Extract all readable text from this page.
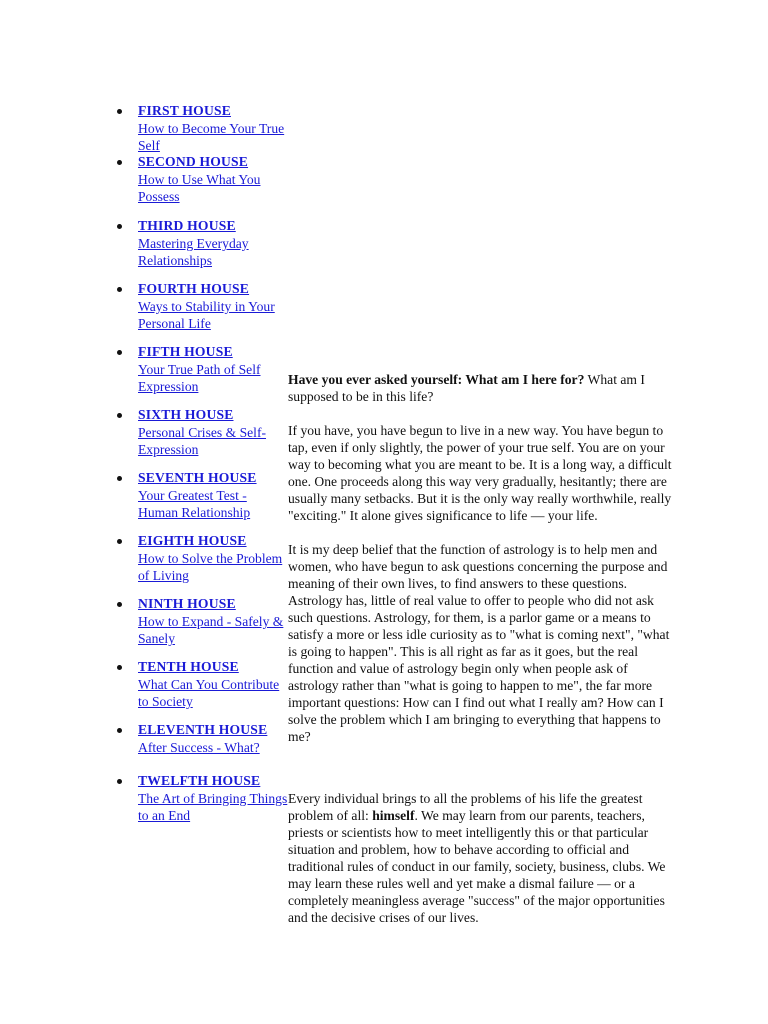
FIRST HOUSE
How to Become Your True Self
SECOND HOUSE
How to Use What You Possess
THIRD HOUSE
Mastering Everyday Relationships
FOURTH HOUSE
Ways to Stability in Your Personal Life
FIFTH HOUSE
Your True Path of Self Expression
SIXTH HOUSE
Personal Crises & Self-Expression
SEVENTH HOUSE
Your Greatest Test - Human Relationship
EIGHTH HOUSE
How to Solve the Problem of Living
NINTH HOUSE
How to Expand - Safely & Sanely
TENTH HOUSE
What Can You Contribute to Society
ELEVENTH HOUSE
After Success - What?
TWELFTH HOUSE
The Art of Bringing Things to an End

Have you ever asked yourself: What am I here for? What am I supposed to be in this life?

If you have, you have begun to live in a new way. You have begun to tap, even if only slightly, the power of your true self. You are on your way to becoming what you are meant to be. It is a long way, a difficult one. One proceeds along this way very gradually, hesitantly; there are usually many setbacks. But it is the only way really worthwhile, really "exciting." It alone gives significance to life — your life.

It is my deep belief that the function of astrology is to help men and women, who have begun to ask questions concerning the purpose and meaning of their own lives, to find answers to these questions. Astrology has, little of real value to offer to people who did not ask such questions. Astrology, for them, is a parlor game or a means to satisfy a more or less idle curiosity as to "what is coming next", "what is going to happen". This is all right as far as it goes, but the real function and value of astrology begin only when people ask of astrology rather than "what is going to happen to me", the far more important questions: How can I find out what I really am? How can I solve the problem which I am bringing to everything that happens to me?

Every individual brings to all the problems of his life the greatest problem of all: himself. We may learn from our parents, teachers, priests or scientists how to meet intelligently this or that particular situation and problem, how to behave according to official and traditional rules of conduct in our family, society, business, clubs. We may learn these rules well and yet make a dismal failure — or a completely meaningless average "success" of the major opportunities and the decisive crises of our lives.
